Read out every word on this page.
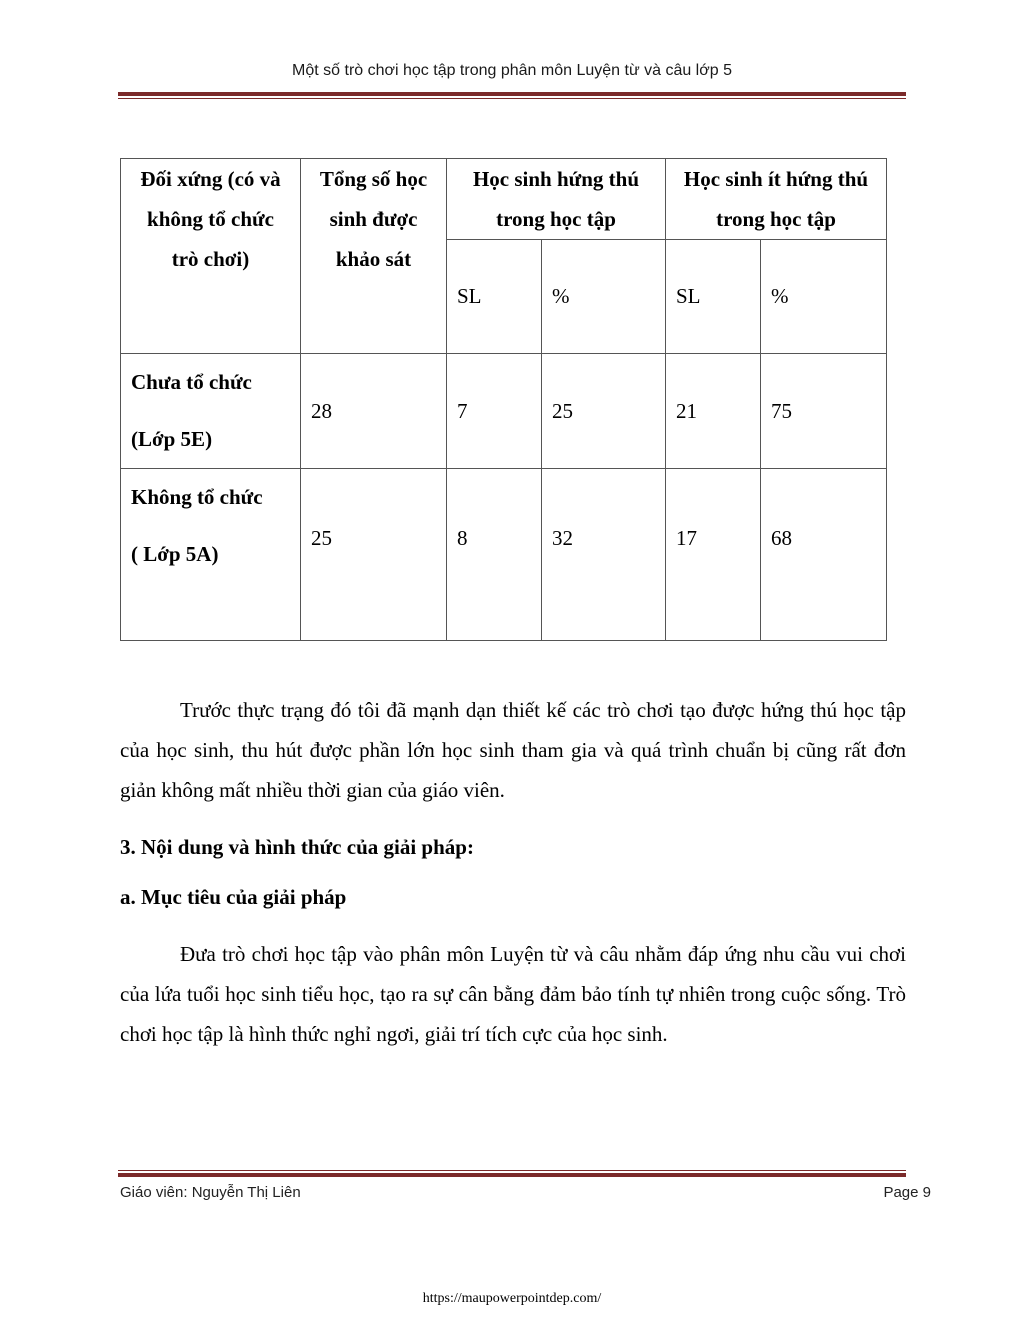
Một số trò chơi học tập trong phân môn Luyện từ và câu lớp 5
Đối xứng (có và không tổ chức trò chơi)	Tổng số học sinh được khảo sát	Học sinh hứng thú trong học tập		Học sinh ít hứng thú trong học tập	
		SL	%	SL	%

Chưa tổ chức
(Lớp 5E)	28	7	25	21	75

Không tổ chức
( Lớp 5A)	25	8	32	17	68

Trước thực trạng đó tôi đã mạnh dạn thiết kế các trò chơi tạo được hứng thú học tập của học sinh, thu hút được phần lớn học sinh tham gia và quá trình chuẩn bị cũng rất đơn giản không mất nhiều thời gian của giáo viên.

3. Nội dung và hình thức của giải pháp:
a. Mục tiêu của giải pháp

Đưa trò chơi học tập vào phân môn Luyện từ và câu nhằm đáp ứng nhu cầu vui chơi của lứa tuổi học sinh tiểu học, tạo ra sự cân bằng đảm bảo tính tự nhiên trong cuộc sống. Trò chơi học tập là hình thức nghỉ ngơi, giải trí tích cực của học sinh.

Giáo viên: Nguyễn Thị Liên	Page 9
https://maupowerpointdep.com/
